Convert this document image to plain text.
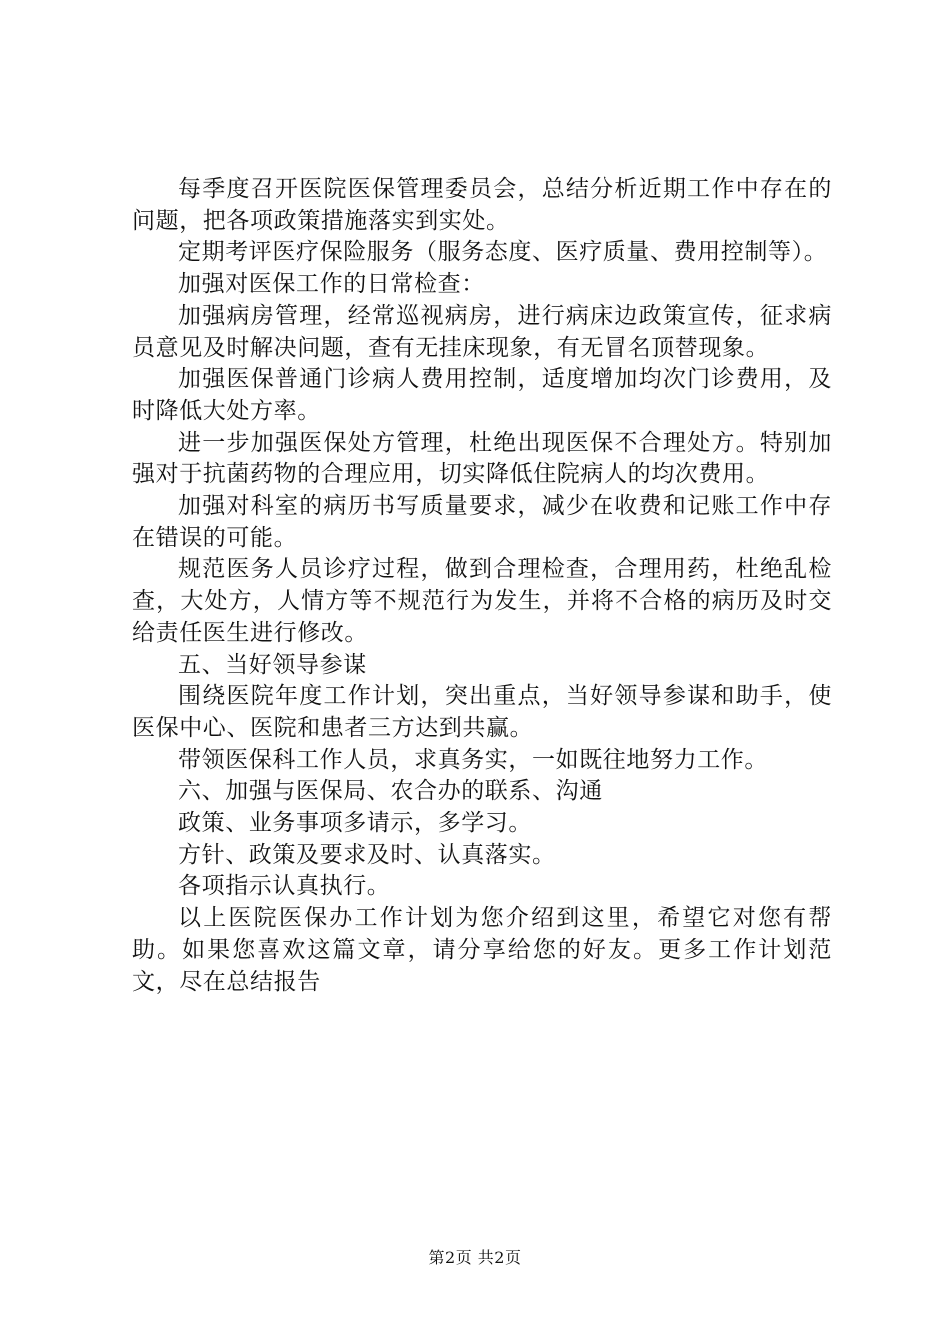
每季度召开医院医保管理委员会，总结分析近期工作中存在的问题，把各项政策措施落实到实处。

定期考评医疗保险服务（服务态度、医疗质量、费用控制等）。

加强对医保工作的日常检查：

加强病房管理，经常巡视病房，进行病床边政策宣传，征求病员意见及时解决问题，查有无挂床现象，有无冒名顶替现象。

加强医保普通门诊病人费用控制，适度增加均次门诊费用，及时降低大处方率。

进一步加强医保处方管理，杜绝出现医保不合理处方。特别加强对于抗菌药物的合理应用，切实降低住院病人的均次费用。

加强对科室的病历书写质量要求，减少在收费和记账工作中存在错误的可能。

规范医务人员诊疗过程，做到合理检查，合理用药，杜绝乱检查，大处方，人情方等不规范行为发生，并将不合格的病历及时交给责任医生进行修改。

五、当好领导参谋

围绕医院年度工作计划，突出重点，当好领导参谋和助手，使医保中心、医院和患者三方达到共赢。

带领医保科工作人员，求真务实，一如既往地努力工作。

六、加强与医保局、农合办的联系、沟通

政策、业务事项多请示，多学习。

方针、政策及要求及时、认真落实。

各项指示认真执行。

以上医院医保办工作计划为您介绍到这里，希望它对您有帮助。如果您喜欢这篇文章，请分享给您的好友。更多工作计划范文，尽在总结报告

第2页 共2页
